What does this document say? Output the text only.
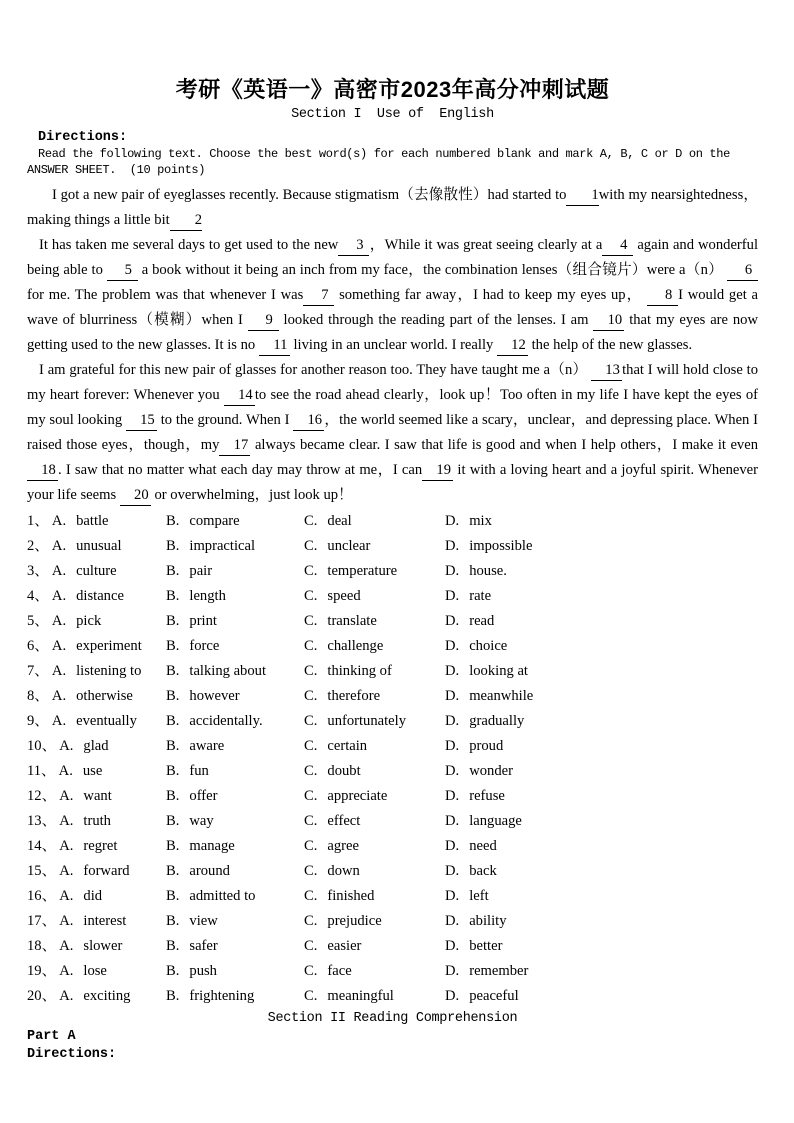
考研《英语一》高密市2023年高分冲刺试题
Section I  Use of  English
Directions:
Read the following text. Choose the best word(s) for each numbered blank and mark A, B, C or D on the
ANSWER SHEET.  (10 points)

I got a new pair of eyeglasses recently. Because stigmatism（去像散性）had started to 1with my nearsightedness，making things a little bit 2

It has taken me several days to get used to the new 3 ，While it was great seeing clearly at a 4 again and wonderful being able to 5 a book without it being an inch from my face，the combination lenses（组合镜片）were a（n） 6 for me. The problem was that whenever I was 7 something far away，I had to keep my eyes up， 8 I would get a wave of blurriness（模糊）when I 9 looked through the reading part of the lenses. I am 10 that my eyes are now getting used to the new glasses. It is no 11 living in an unclear world. I really 12 the help of the new glasses.

I am grateful for this new pair of glasses for another reason too. They have taught me a（n） 13 that I will hold close to my heart forever: Whenever you 14 to see the road ahead clearly，look up！Too often in my life I have kept the eyes of my soul looking 15 to the ground. When I 16 ，the world seemed like a scary，unclear，and depressing place. When I raised those eyes，though，my 17 always became clear. I saw that life is good and when I help others，I make it even 18 . I saw that no matter what each day may throw at me，I can 19 it with a loving heart and a joyful spirit. Whenever your life seems 20 or overwhelming，just look up！

1、 A. battle	B. compare	C. deal	D. mix
2、 A. unusual	B. impractical	C. unclear	D. impossible
3、 A. culture	B. pair	C. temperature	D. house.
4、 A. distance	B. length	C. speed	D. rate
5、 A. pick	B. print	C. translate	D. read
6、 A. experiment	B. force	C. challenge	D. choice
7、 A. listening to	B. talking about	C. thinking of	D. looking at
8、 A. otherwise	B. however	C. therefore	D. meanwhile
9、 A. eventually	B. accidentally.	C. unfortunately	D. gradually
10、 A. glad	B. aware	C. certain	D. proud
11、 A. use	B. fun	C. doubt	D. wonder
12、 A. want	B. offer	C. appreciate	D. refuse
13、 A. truth	B. way	C. effect	D. language
14、 A. regret	B. manage	C. agree	D. need
15、 A. forward	B. around	C. down	D. back
16、 A. did	B. admitted to	C. finished	D. left
17、 A. interest	B. view	C. prejudice	D. ability
18、 A. slower	B. safer	C. easier	D. better
19、 A. lose	B. push	C. face	D. remember
20、 A. exciting	B. frightening	C. meaningful	D. peaceful
Section II Reading Comprehension
Part A
Directions:
